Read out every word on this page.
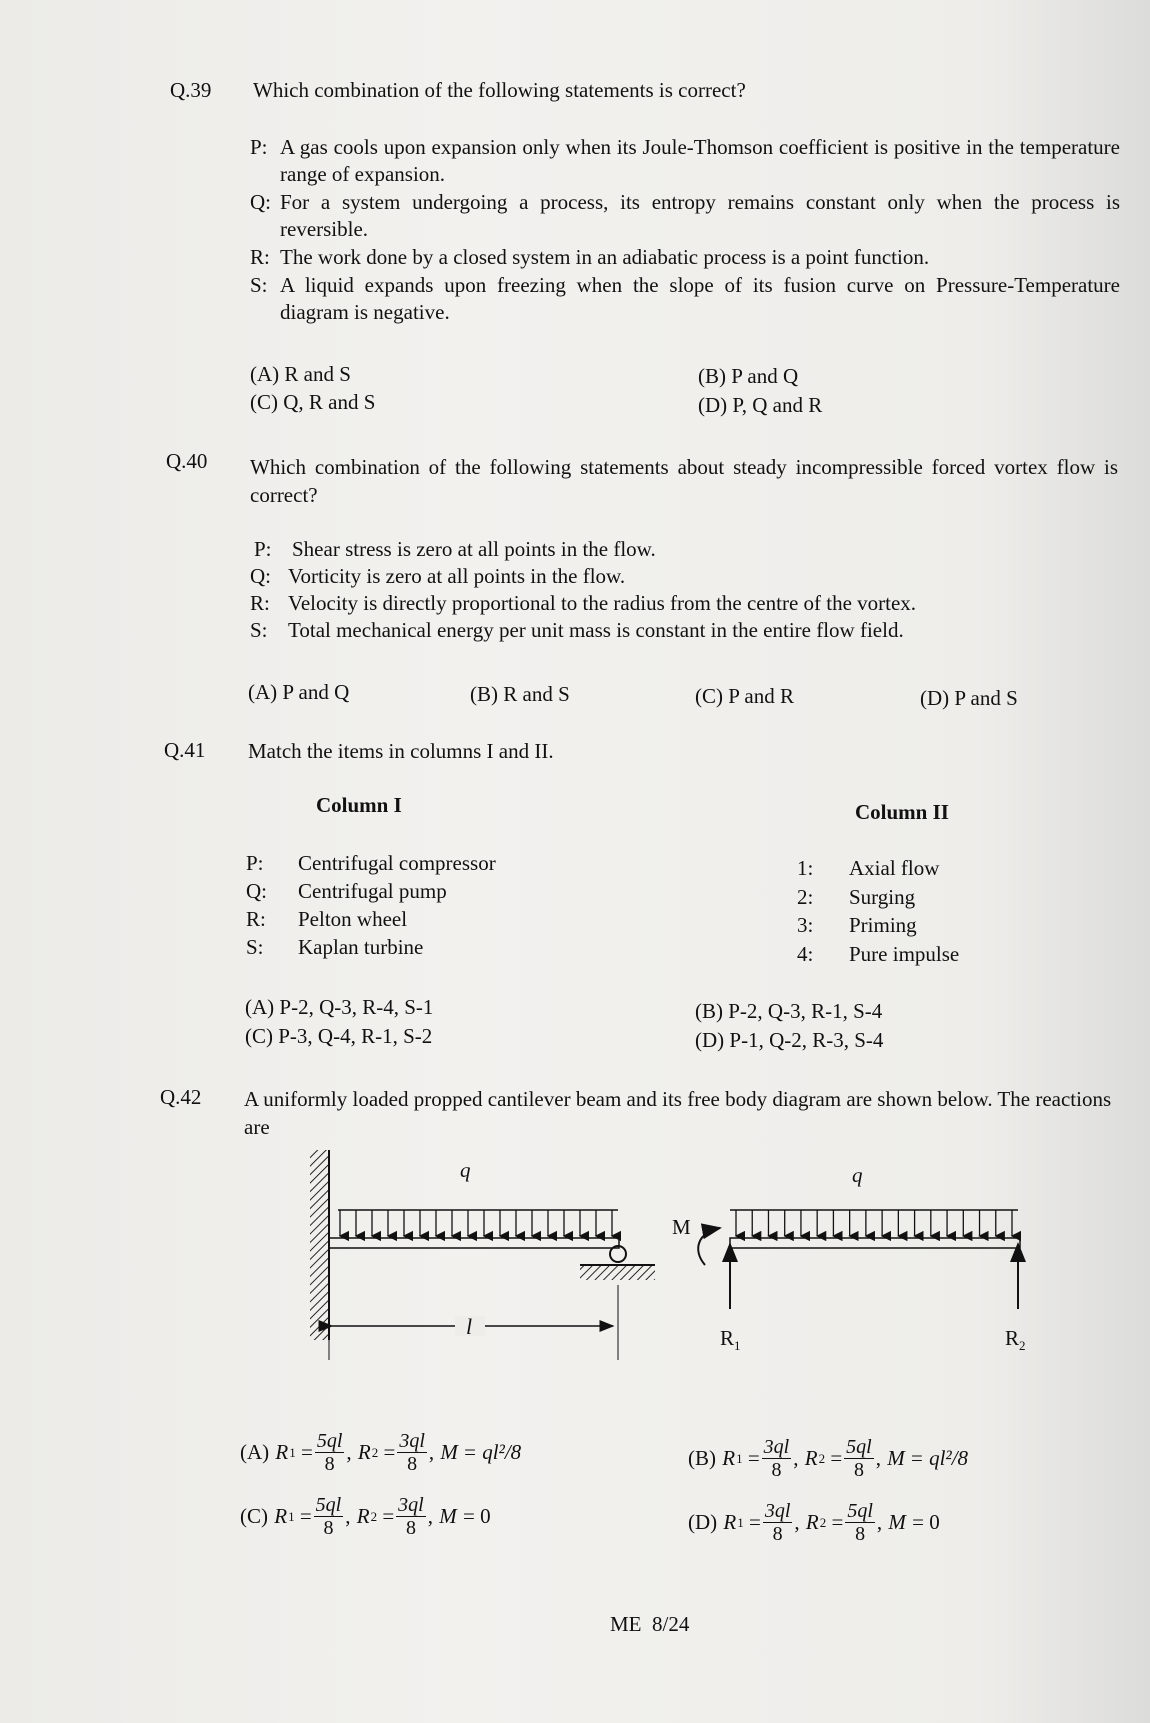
Q.39 Which combination of the following statements is correct?
P: A gas cools upon expansion only when its Joule-Thomson coefficient is positive in the temperature range of expansion.
Q: For a system undergoing a process, its entropy remains constant only when the process is reversible.
R: The work done by a closed system in an adiabatic process is a point function.
S: A liquid expands upon freezing when the slope of its fusion curve on Pressure-Temperature diagram is negative.
(A) R and S	(B) P and Q
(C) Q, R and S	(D) P, Q and R
Q.40 Which combination of the following statements about steady incompressible forced vortex flow is correct?
P: Shear stress is zero at all points in the flow.
Q: Vorticity is zero at all points in the flow.
R: Velocity is directly proportional to the radius from the centre of the vortex.
S: Total mechanical energy per unit mass is constant in the entire flow field.
(A) P and Q	(B) R and S	(C) P and R	(D) P and S
Q.41 Match the items in columns I and II.
Column I	Column II
P:	Centrifugal compressor
Q:	Centrifugal pump
R:	Pelton wheel
S:	Kaplan turbine
1:	Axial flow
2:	Surging
3:	Priming
4:	Pure impulse
(A) P-2, Q-3, R-4, S-1	(B) P-2, Q-3, R-1, S-4
(C) P-3, Q-4, R-1, S-2	(D) P-1, Q-2, R-3, S-4
Q.42 A uniformly loaded propped cantilever beam and its free body diagram are shown below. The reactions are
q	q
l
M
$R_1$	$R_2$
(A)
R $1 = \frac{5ql}{8}$ , R $2 = \frac{3ql}{8}$ , M = ql²/8	(B)
R $1 = \frac{3ql}{8}$ , R $2 = \frac{5ql}{8}$ , M = ql²/8
(C)
R $1 = \frac{5ql}{8}$ , R $2 = \frac{3ql}{8}$ , M = 0	(D)
R $1 = \frac{3ql}{8}$ , R $2 = \frac{5ql}{8}$ , M = 0
ME  8/24
